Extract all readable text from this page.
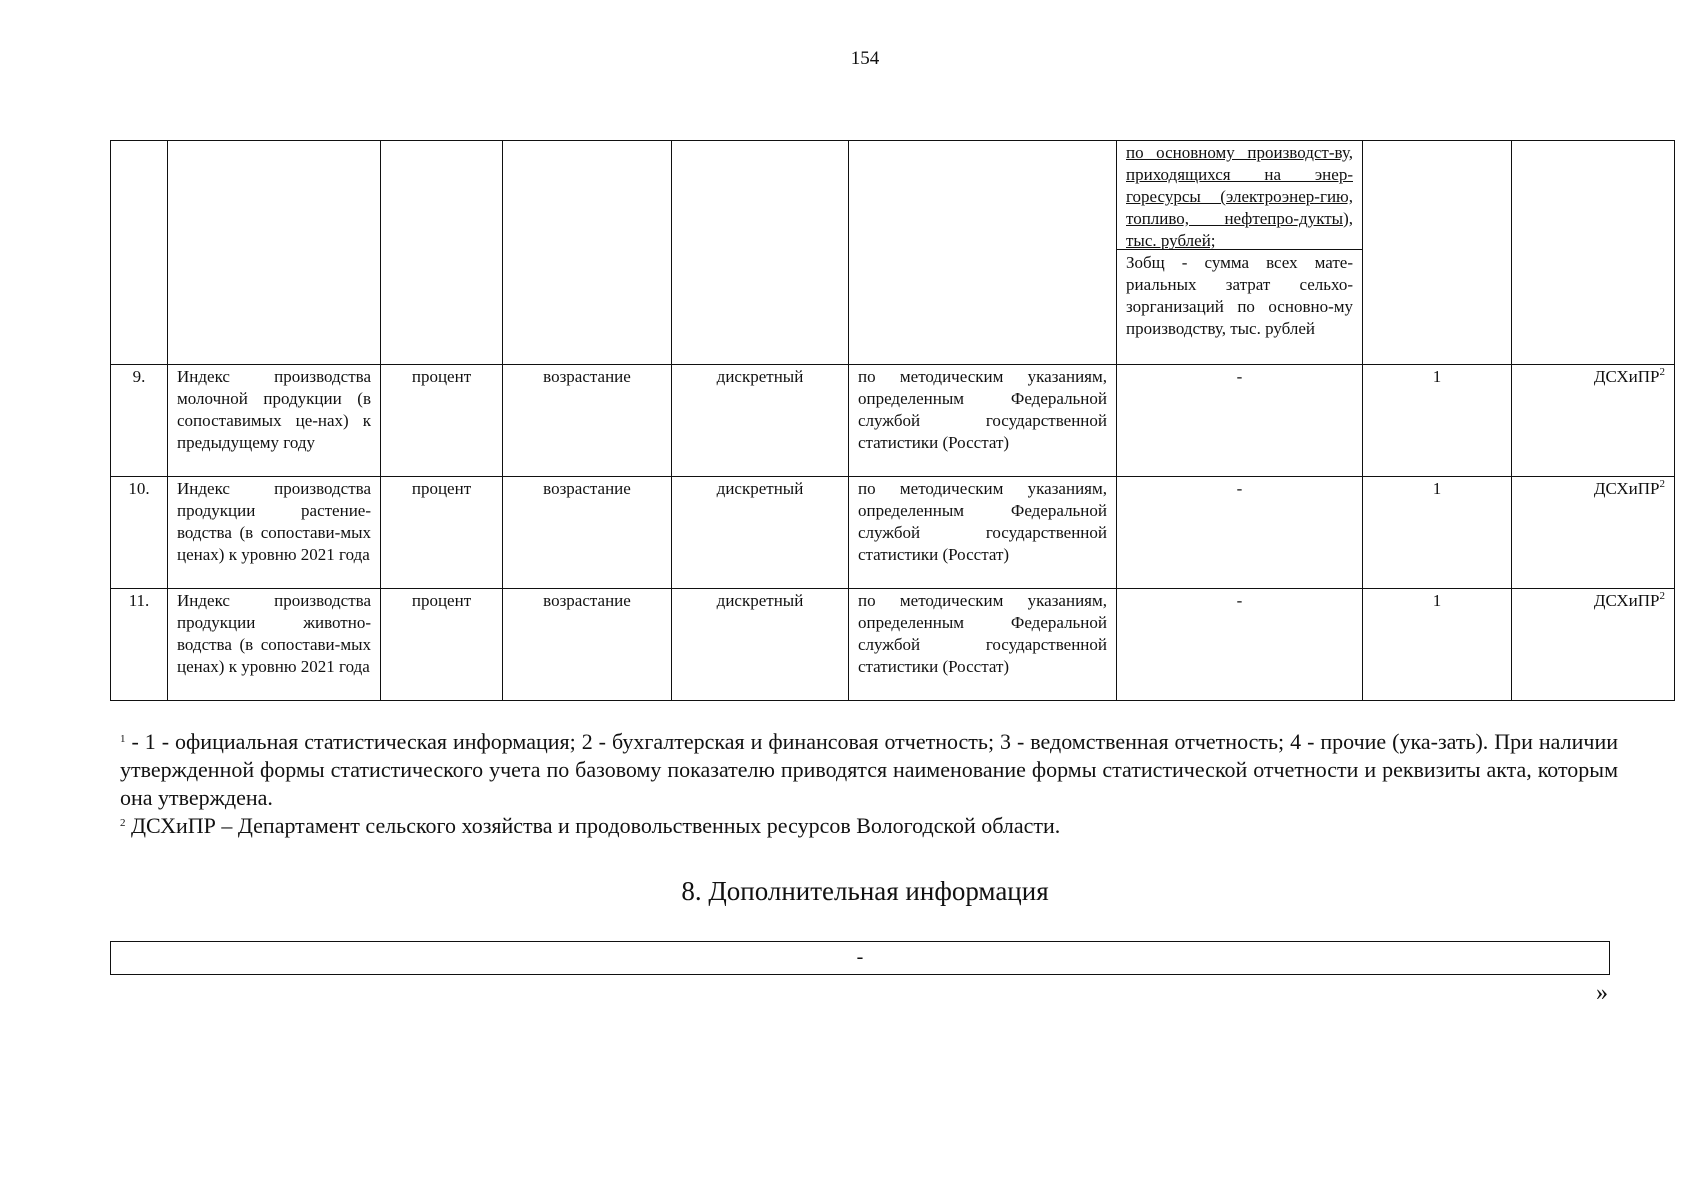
154

						по основному производст-ву, приходящихся на энер-горесурсы (электроэнер-гию, топливо, нефтепро-дукты), тыс. рублей;
Зобщ - сумма всех мате-риальных затрат сельхо-зорганизаций по основно-му производству, тыс. рублей		

9.	Индекс производства молочной продукции (в сопоставимых це-нах) к предыдущему году	процент	возрастание	дискретный	по методическим указаниям, определенным Федеральной службой государственной статистики (Росстат)	-	1	ДСХиПР$^2$
10.	Индекс производства продукции растение-водства (в сопостави-мых ценах) к уровню 2021 года	процент	возрастание	дискретный	по методическим указаниям, определенным Федеральной службой государственной статистики (Росстат)	-	1	ДСХиПР$^2$
11.	Индекс производства продукции животно-водства (в сопостави-мых ценах) к уровню 2021 года	процент	возрастание	дискретный	по методическим указаниям, определенным Федеральной службой государственной статистики (Росстат)	-	1	ДСХиПР$^2$

$^1$ - 1 - официальная статистическая информация; 2 - бухгалтерская и финансовая отчетность; 3 - ведомственная отчетность; 4 - прочие (ука-зать). При наличии утвержденной формы статистического учета по базовому показателю приводятся наименование формы статистической отчетности и реквизиты акта, которым она утверждена.

$^2$ ДСХиПР – Департамент сельского хозяйства и продовольственных ресурсов Вологодской области.

8. Дополнительная информация
-
»
